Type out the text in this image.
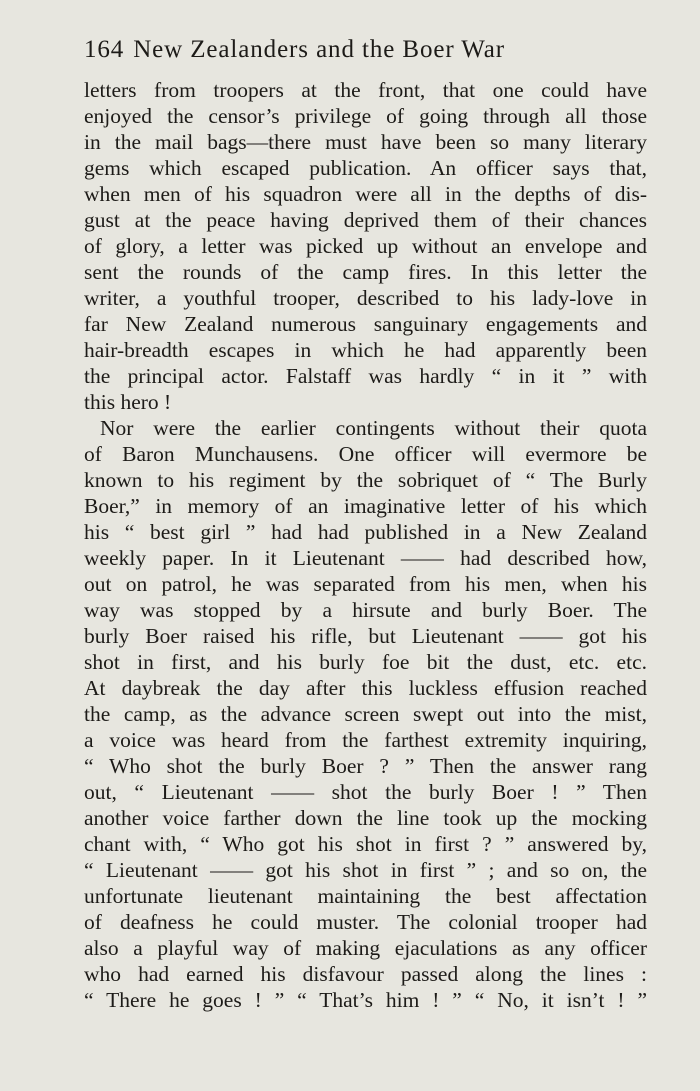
164 New Zealanders and the Boer War
letters from troopers at the front, that one could have
enjoyed the censor’s privilege of going through all those
in the mail bags—there must have been so many literary
gems which escaped publication. An officer says that,
when men of his squadron were all in the depths of dis-
gust at the peace having deprived them of their chances
of glory, a letter was picked up without an envelope and
sent the rounds of the camp fires. In this letter the
writer, a youthful trooper, described to his lady-love in
far New Zealand numerous sanguinary engagements and
hair-breadth escapes in which he had apparently been
the principal actor. Falstaff was hardly “ in it ” with
this hero !
Nor were the earlier contingents without their quota
of Baron Munchausens. One officer will evermore be
known to his regiment by the sobriquet of “ The Burly
Boer,” in memory of an imaginative letter of his which
his “ best girl ” had had published in a New Zealand
weekly paper. In it Lieutenant —— had described how,
out on patrol, he was separated from his men, when his
way was stopped by a hirsute and burly Boer. The
burly Boer raised his rifle, but Lieutenant —— got his
shot in first, and his burly foe bit the dust, etc. etc.
At daybreak the day after this luckless effusion reached
the camp, as the advance screen swept out into the mist,
a voice was heard from the farthest extremity inquiring,
“ Who shot the burly Boer ? ” Then the answer rang
out, “ Lieutenant —— shot the burly Boer ! ” Then
another voice farther down the line took up the mocking
chant with, “ Who got his shot in first ? ” answered by,
“ Lieutenant —— got his shot in first ” ; and so on, the
unfortunate lieutenant maintaining the best affectation
of deafness he could muster. The colonial trooper had
also a playful way of making ejaculations as any officer
who had earned his disfavour passed along the lines :
“ There he goes ! ” “ That’s him ! ” “ No, it isn’t ! ”
